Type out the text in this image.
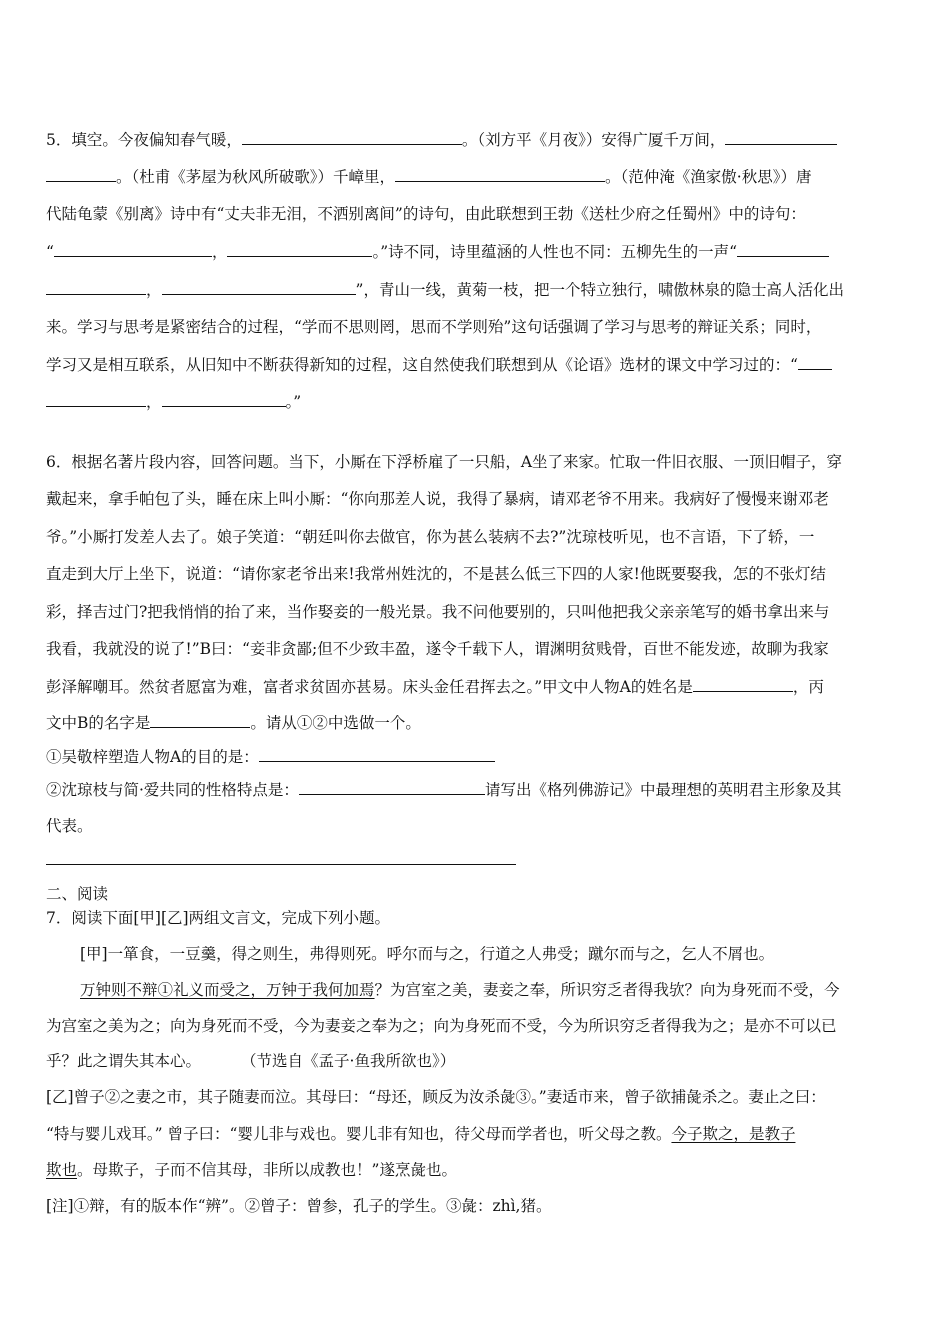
5．填空。今夜偏知春气暖，	。（刘方平《月夜》）安得广厦千万间，
。（杜甫《茅屋为秋风所破歌》）千嶂里，	。（范仲淹《渔家傲·秋思》）唐
代陆龟蒙《别离》诗中有“丈夫非无泪，不洒别离间”的诗句，由此联想到王勃《送杜少府之任蜀州》中的诗句：
“	，	。”诗不同，诗里蕴涵的人性也不同：五柳先生的一声“
，	”，青山一线，黄菊一枝，把一个特立独行，啸傲林泉的隐士高人活化出
来。学习与思考是紧密结合的过程，“学而不思则罔，思而不学则殆”这句话强调了学习与思考的辩证关系；同时，
学习又是相互联系，从旧知中不断获得新知的过程，这自然使我们联想到从《论语》选材的课文中学习过的：“
，	。”
6．根据名著片段内容，回答问题。当下，小厮在下浮桥雇了一只船，A坐了来家。忙取一件旧衣服、一顶旧帽子，穿
戴起来，拿手帕包了头，睡在床上叫小厮：“你向那差人说，我得了暴病，请邓老爷不用来。我病好了慢慢来谢邓老
爷。”小厮打发差人去了。娘子笑道：“朝廷叫你去做官，你为甚么装病不去?”沈琼枝听见，也不言语，下了轿，一
直走到大厅上坐下，说道：“请你家老爷出来!我常州姓沈的，不是甚么低三下四的人家!他既要娶我，怎的不张灯结
彩，择吉过门?把我悄悄的抬了来，当作娶妾的一般光景。我不问他要别的，只叫他把我父亲亲笔写的婚书拿出来与
我看，我就没的说了!”B曰：“妾非贪鄙;但不少致丰盈，遂令千载下人，谓渊明贫贱骨，百世不能发迹，故聊为我家
彭泽解嘲耳。然贫者愿富为难，富者求贫固亦甚易。床头金任君挥去之。”甲文中人物A的姓名是	，丙
文中B的名字是	。请从①②中选做一个。
①吴敬梓塑造人物A的目的是：
②沈琼枝与简·爱共同的性格特点是：	请写出《格列佛游记》中最理想的英明君主形象及其
代表。
二、阅读
7．阅读下面[甲][乙]两组文言文，完成下列小题。
[甲]一箪食，一豆羹，得之则生，弗得则死。呼尔而与之，行道之人弗受；蹴尔而与之，乞人不屑也。
万钟则不辩①礼义而受之，万钟于我何加焉？为宫室之美，妻妾之奉，所识穷乏者得我欤？向为身死而不受，今
为宫室之美为之；向为身死而不受，今为妻妾之奉为之；向为身死而不受，今为所识穷乏者得我为之；是亦不可以已
乎？此之谓失其本心。	（节选自《孟子·鱼我所欲也》）
[乙]曾子②之妻之市，其子随妻而泣。其母曰：“母还，顾反为汝杀彘③。”妻适市来，曾子欲捕彘杀之。妻止之曰：
“特与婴儿戏耳。” 曾子曰：“婴儿非与戏也。婴儿非有知也，待父母而学者也，听父母之教。今子欺之，是教子
欺也。母欺子，子而不信其母，非所以成教也！”遂烹彘也。
[注]①辩，有的版本作“辨”。②曾子：曾参，孔子的学生。③彘：zhì,猪。
